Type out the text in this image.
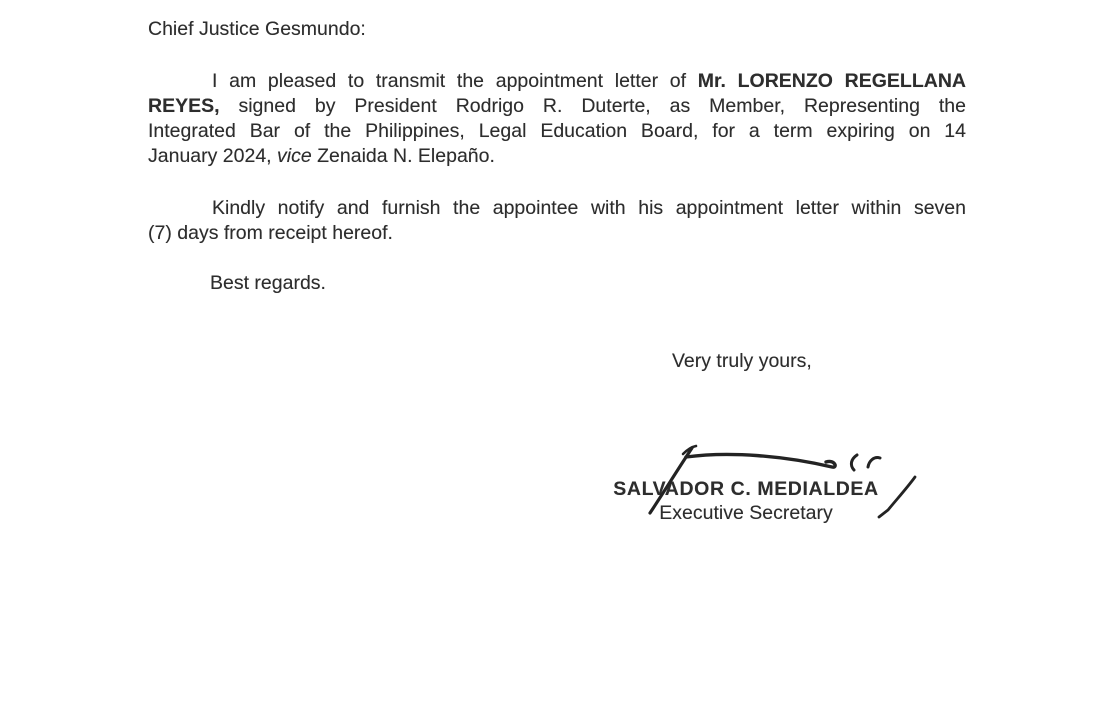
Chief Justice Gesmundo:
I am pleased to transmit the appointment letter of Mr. LORENZO REGELLANA
REYES, signed by President Rodrigo R. Duterte, as Member, Representing the
Integrated Bar of the Philippines, Legal Education Board, for a term expiring on 14
January 2024, vice Zenaida N. Elepaño.
Kindly notify and furnish the appointee with his appointment letter within seven
(7) days from receipt hereof.
Best regards.
Very truly yours,
SALVADOR C. MEDIALDEA
Executive Secretary
